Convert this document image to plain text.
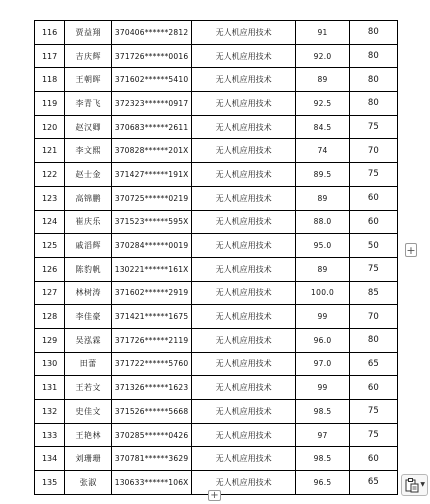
116	贾益翔	370406******2812	无人机应用技术	91	80
117	吉庆辉	371726******0016	无人机应用技术	92.0	80
118	王朝晖	371602******5410	无人机应用技术	89	80
119	李青飞	372323******0917	无人机应用技术	92.5	80
120	赵汉卿	370683******2611	无人机应用技术	84.5	75
121	李文熙	370828******201X	无人机应用技术	74	70
122	赵士金	371427******191X	无人机应用技术	89.5	75
123	高锦鹏	370725******0219	无人机应用技术	89	60
124	崔庆乐	371523******595X	无人机应用技术	88.0	60
125	戚滔辉	370284******0019	无人机应用技术	95.0	50
126	陈豹帆	130221******161X	无人机应用技术	89	75
127	林树涛	371602******2919	无人机应用技术	100.0	85
128	李佳豪	371421******1675	无人机应用技术	99	70
129	吴泓霖	371726******2119	无人机应用技术	96.0	80
130	田蕾	371722******5760	无人机应用技术	97.0	65
131	王若文	371326******1623	无人机应用技术	99	60
132	史佳文	371526******5668	无人机应用技术	98.5	75
133	王艳林	370285******0426	无人机应用技术	97	75
134	刘珊珊	370781******3629	无人机应用技术	98.5	60
135	张淑	130633******106X	无人机应用技术	96.5	65
+
+
▼
